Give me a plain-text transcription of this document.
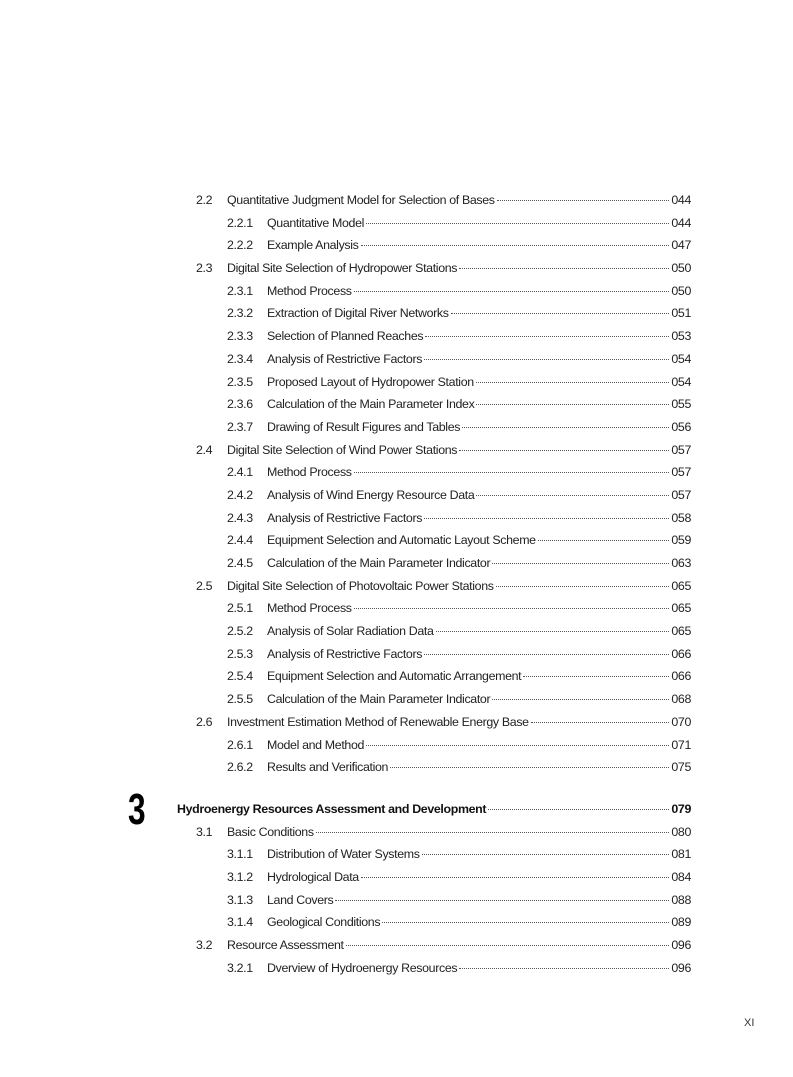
2.2 Quantitative Judgment Model for Selection of Bases	044
2.2.1 Quantitative Model	044
2.2.2 Example Analysis	047
2.3 Digital Site Selection of Hydropower Stations	050
2.3.1 Method Process	050
2.3.2 Extraction of Digital River Networks	051
2.3.3 Selection of Planned Reaches	053
2.3.4 Analysis of Restrictive Factors	054
2.3.5 Proposed Layout of Hydropower Station	054
2.3.6 Calculation of the Main Parameter Index	055
2.3.7 Drawing of Result Figures and Tables	056
2.4 Digital Site Selection of Wind Power Stations	057
2.4.1 Method Process	057
2.4.2 Analysis of Wind Energy Resource Data	057
2.4.3 Analysis of Restrictive Factors	058
2.4.4 Equipment Selection and Automatic Layout Scheme	059
2.4.5 Calculation of the Main Parameter Indicator	063
2.5 Digital Site Selection of Photovoltaic Power Stations	065
2.5.1 Method Process	065
2.5.2 Analysis of Solar Radiation Data	065
2.5.3 Analysis of Restrictive Factors	066
2.5.4 Equipment Selection and Automatic Arrangement	066
2.5.5 Calculation of the Main Parameter Indicator	068
2.6 Investment Estimation Method of Renewable Energy Base	070
2.6.1 Model and Method	071
2.6.2 Results and Verification	075
3	Hydroenergy Resources Assessment and Development	079
3.1 Basic Conditions	080
3.1.1 Distribution of Water Systems	081
3.1.2 Hydrological Data	084
3.1.3 Land Covers	088
3.1.4 Geological Conditions	089
3.2 Resource Assessment	096
3.2.1 Dverview of Hydroenergy Resources	096
XI
